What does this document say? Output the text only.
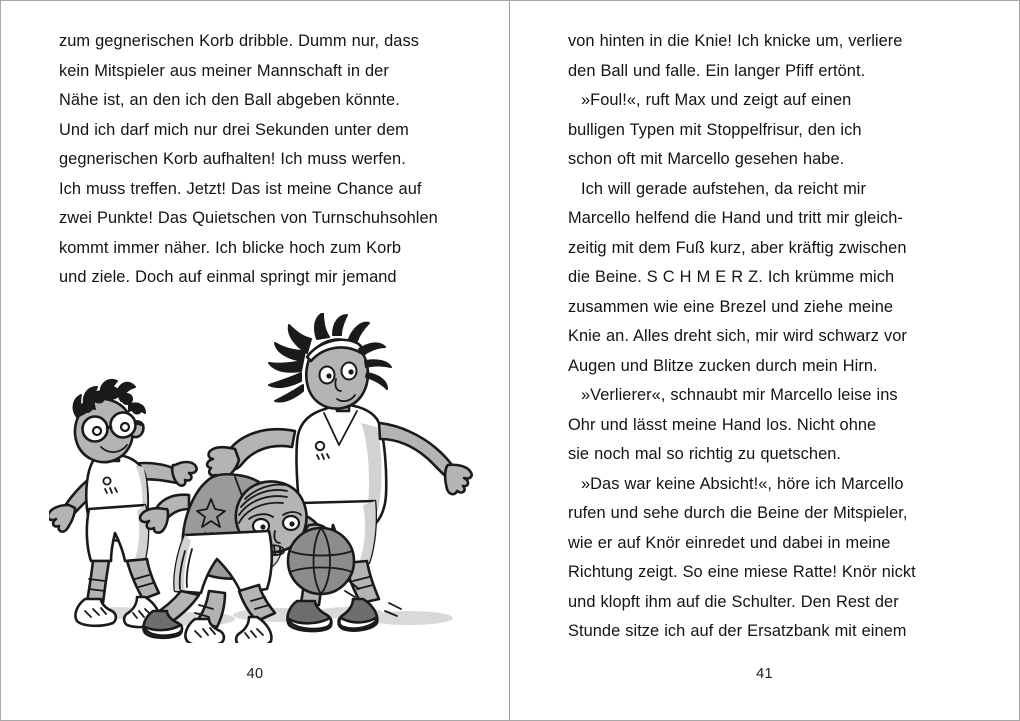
zum gegnerischen Korb dribble. Dumm nur, dass
kein Mitspieler aus meiner Mannschaft in der
Nähe ist, an den ich den Ball abgeben könnte.
Und ich darf mich nur drei Sekunden unter dem
gegnerischen Korb aufhalten! Ich muss werfen.
Ich muss treffen. Jetzt! Das ist meine Chance auf
zwei Punkte! Das Quietschen von Turnschuhsohlen
kommt immer näher. Ich blicke hoch zum Korb
und ziele. Doch auf einmal springt mir jemand

40

von hinten in die Knie! Ich knicke um, verliere
den Ball und falle. Ein langer Pfiff ertönt.

»Foul!«, ruft Max und zeigt auf einen
bulligen Typen mit Stoppelfrisur, den ich
schon oft mit Marcello gesehen habe.

Ich will gerade aufstehen, da reicht mir
Marcello helfend die Hand und tritt mir gleich-
zeitig mit dem Fuß kurz, aber kräftig zwischen
die Beine. S C H M E R Z. Ich krümme mich
zusammen wie eine Brezel und ziehe meine
Knie an. Alles dreht sich, mir wird schwarz vor
Augen und Blitze zucken durch mein Hirn.

»Verlierer«, schnaubt mir Marcello leise ins
Ohr und lässt meine Hand los. Nicht ohne
sie noch mal so richtig zu quetschen.

»Das war keine Absicht!«, höre ich Marcello
rufen und sehe durch die Beine der Mitspieler,
wie er auf Knör einredet und dabei in meine
Richtung zeigt. So eine miese Ratte! Knör nickt
und klopft ihm auf die Schulter. Den Rest der
Stunde sitze ich auf der Ersatzbank mit einem

41
